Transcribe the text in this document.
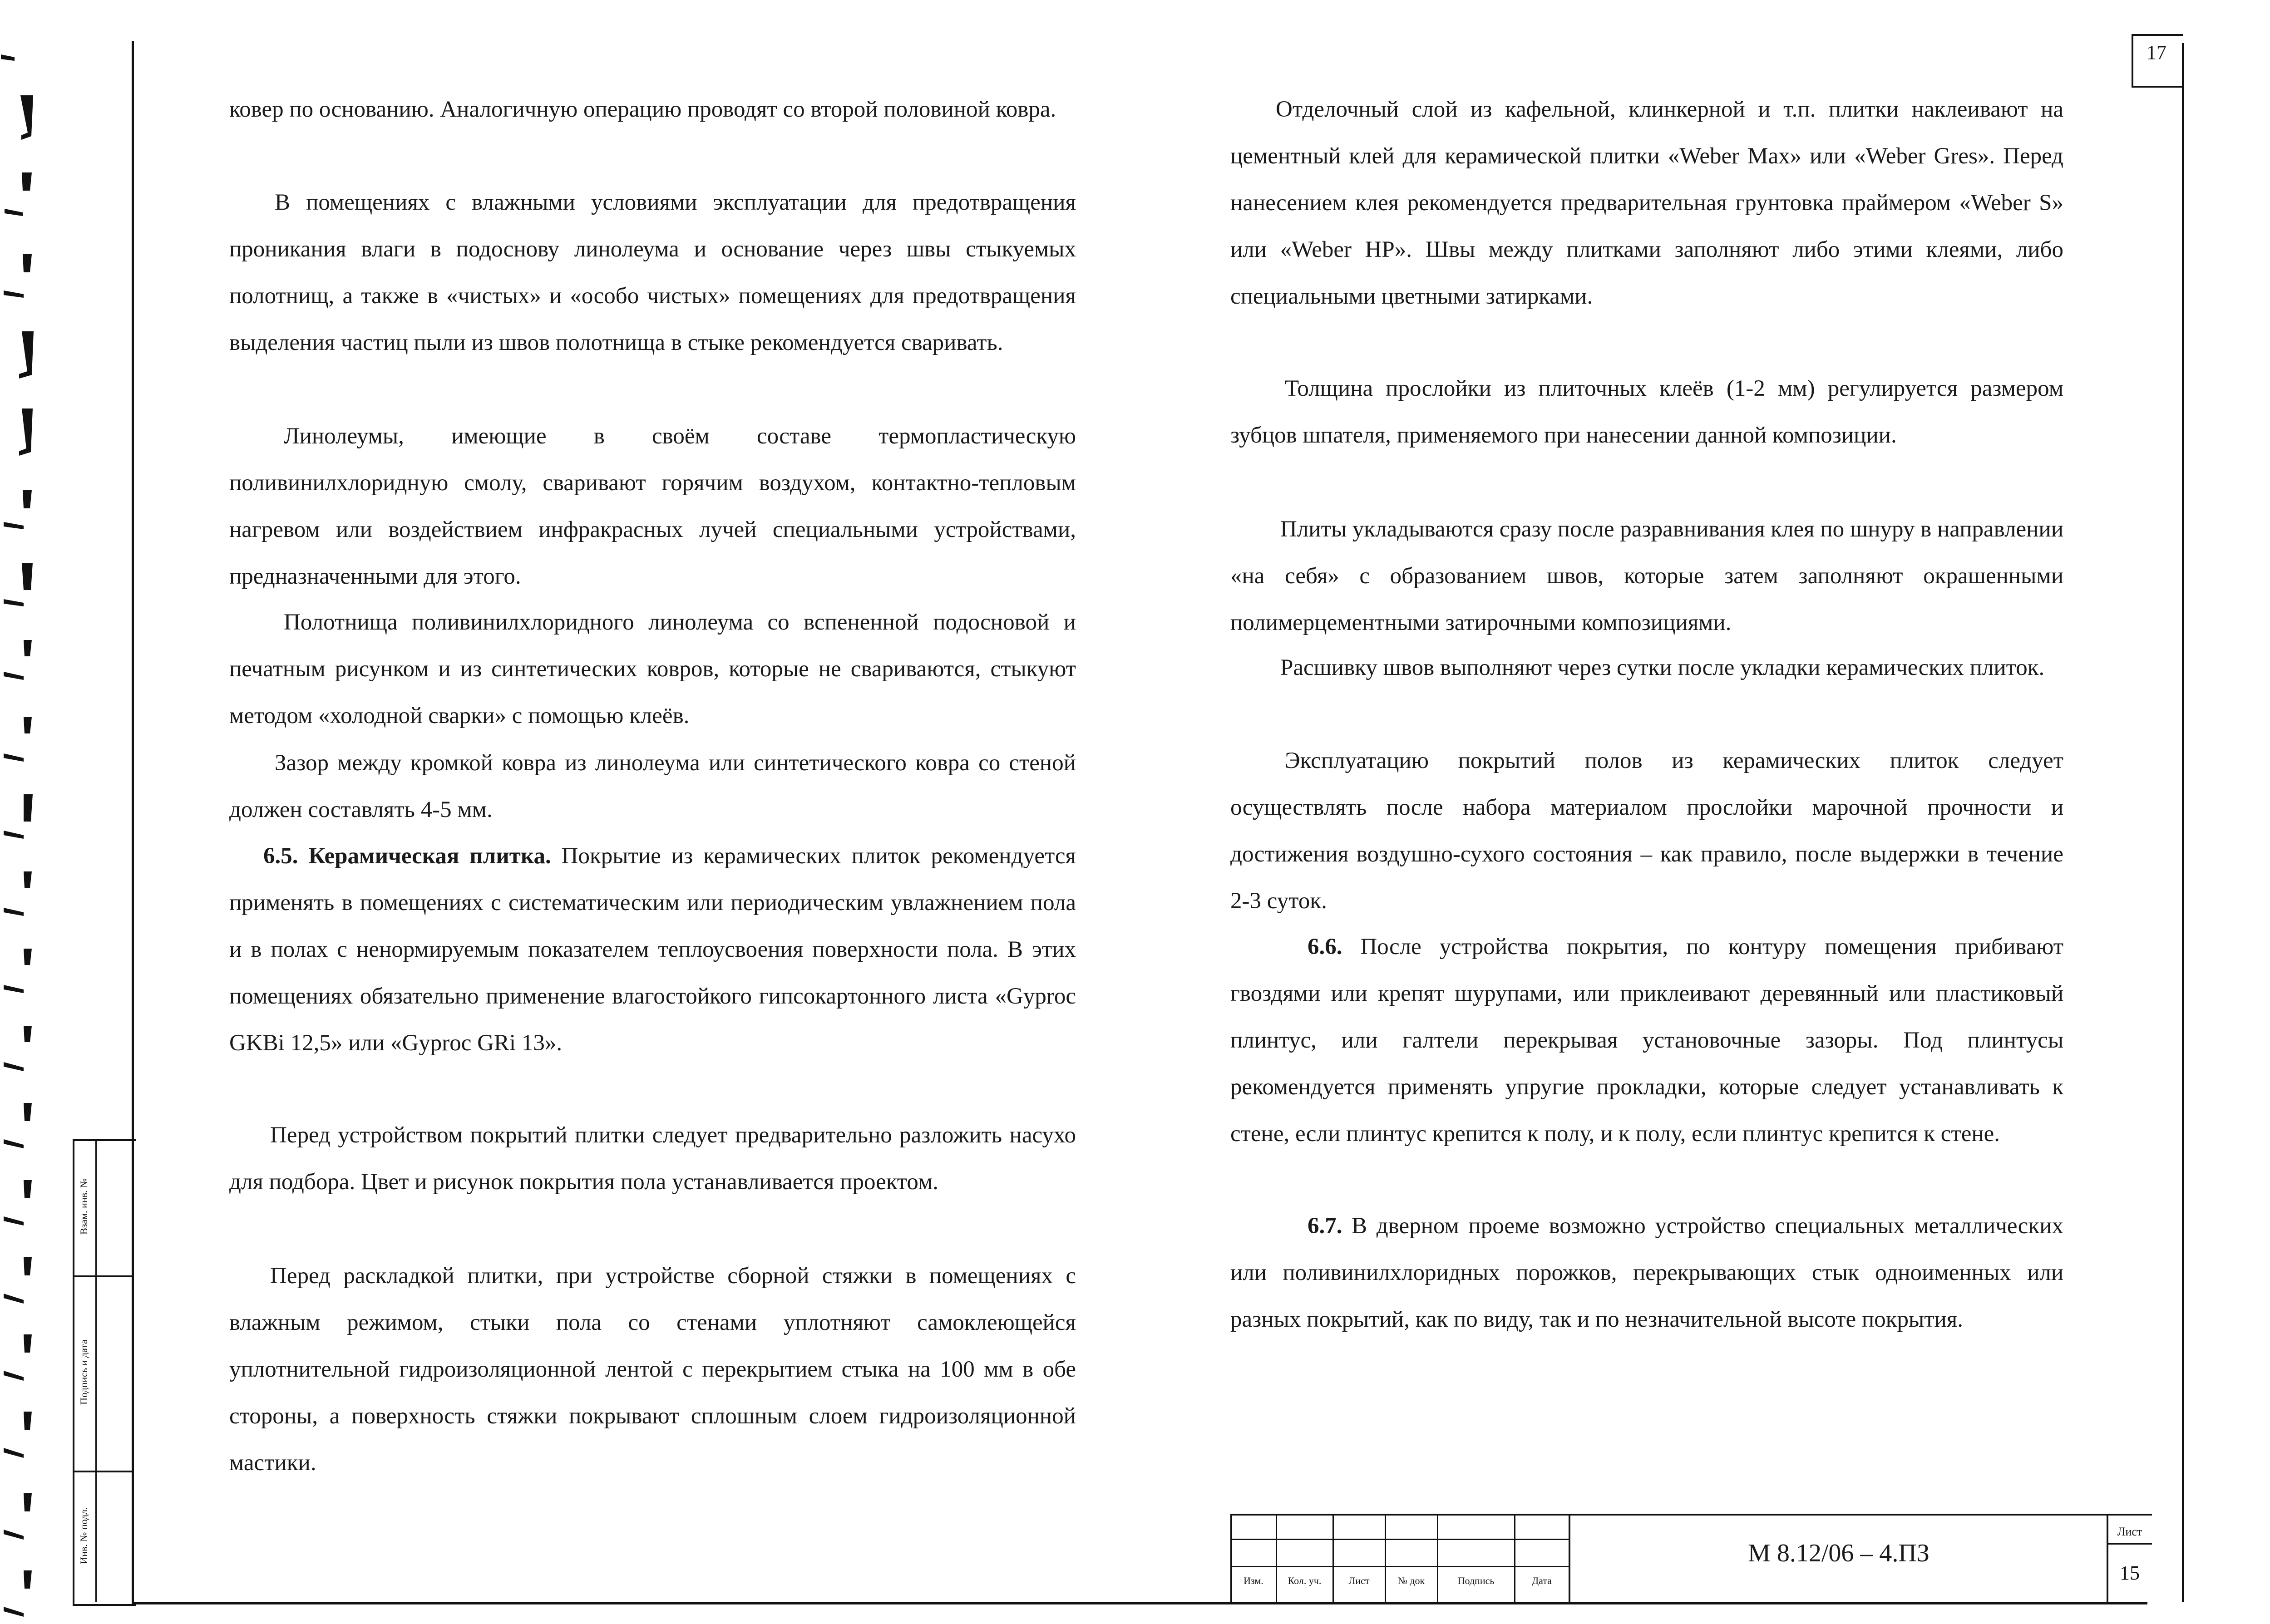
17

ковер по основанию. Аналогичную операцию проводят со второй половиной ковра.

В помещениях с влажными условиями эксплуатации для предотвращения проникания влаги в подоснову линолеума и основание через швы стыкуемых полотнищ, а также в «чистых» и «особо чистых» помещениях для предотвращения выделения частиц пыли из швов полотнища в стыке рекомендуется сваривать.

Линолеумы, имеющие в своём составе термопластическую поливинилхлоридную смолу, сваривают горячим воздухом, контактно-тепловым нагревом или воздействием инфракрасных лучей специальными устройствами, предназначенными для этого.

Полотнища поливинилхлоридного линолеума со вспененной подосновой и печатным рисунком и из синтетических ковров, которые не свариваются, стыкуют методом «холодной сварки» с помощью клеёв.

Зазор между кромкой ковра из линолеума или синтетического ковра со стеной должен составлять 4-5 мм.

6.5. Керамическая плитка. Покрытие из керамических плиток рекомендуется применять в помещениях с систематическим или периодическим увлажнением пола и в полах с ненормируемым показателем теплоусвоения поверхности пола. В этих помещениях обязательно применение влагостойкого гипсокартонного листа «Gyproc GKBi 12,5» или «Gyproc GRi 13».

Перед устройством покрытий плитки следует предварительно разложить насухо для подбора. Цвет и рисунок покрытия пола устанавливается проектом.

Перед раскладкой плитки, при устройстве сборной стяжки в помещениях с влажным режимом, стыки пола со стенами уплотняют самоклеющейся уплотнительной гидроизоляционной лентой с перекрытием стыка на 100 мм в обе стороны, а поверхность стяжки покрывают сплошным слоем гидроизоляционной мастики.

Отделочный слой из кафельной, клинкерной и т.п. плитки наклеивают на цементный клей для керамической плитки «Weber Max» или «Weber Gres». Перед нанесением клея рекомендуется предварительная грунтовка праймером «Weber S» или «Weber HP». Швы между плитками заполняют либо этими клеями, либо специальными цветными затирками.

Толщина прослойки из плиточных клеёв (1-2 мм) регулируется размером зубцов шпателя, применяемого при нанесении данной композиции.

Плиты укладываются сразу после разравнивания клея по шнуру в направлении «на себя» с образованием швов, которые затем заполняют окрашенными полимерцементными затирочными композициями.

Расшивку швов выполняют через сутки после укладки керамических плиток.

Эксплуатацию покрытий полов из керамических плиток следует осуществлять после набора материалом прослойки марочной прочности и достижения воздушно-сухого состояния – как правило, после выдержки в течение 2-3 суток.

6.6. После устройства покрытия, по контуру помещения прибивают гвоздями или крепят шурупами, или приклеивают деревянный или пластиковый плинтус, или галтели перекрывая установочные зазоры. Под плинтусы рекомендуется применять упругие прокладки, которые следует устанавливать к стене, если плинтус крепится к полу, и к полу, если плинтус крепится к стене.

6.7. В дверном проеме возможно устройство специальных металлических или поливинилхлоридных порожков, перекрывающих стык одноименных или разных покрытий, как по виду, так и по незначительной высоте покрытия.

Взам. инв. №
Подпись и дата
Инв. № подл.
Изм.	Кол. уч.	Лист	№ док	Подпись	Дата
М 8.12/06 – 4.ПЗ
Лист
15
